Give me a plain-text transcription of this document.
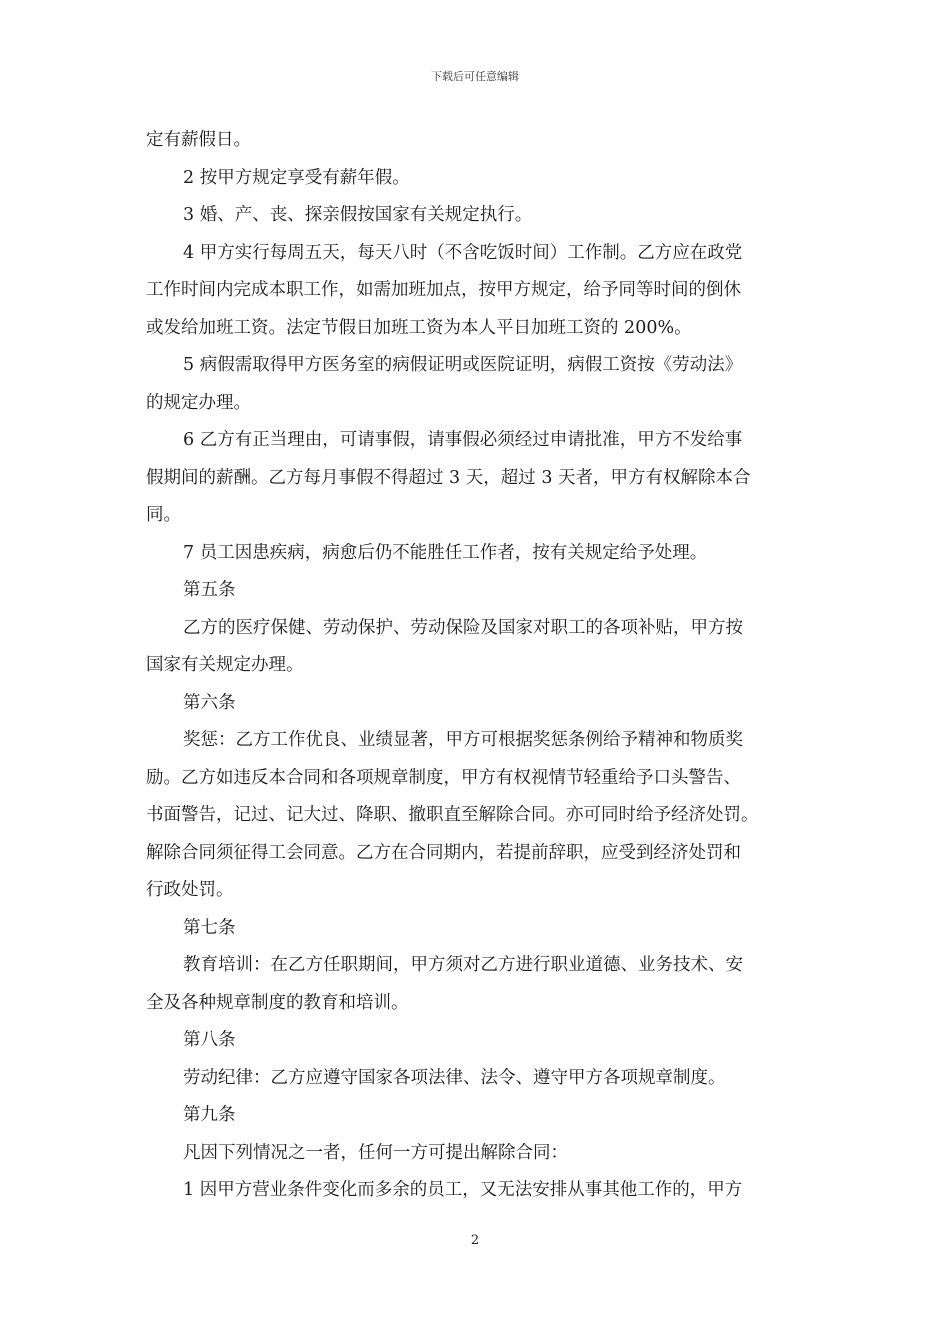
下载后可任意编辑
定有薪假日。
2 按甲方规定享受有薪年假。
3 婚、产、丧、探亲假按国家有关规定执行。
4 甲方实行每周五天，每天八时（不含吃饭时间）工作制。乙方应在政党
工作时间内完成本职工作，如需加班加点，按甲方规定，给予同等时间的倒休
或发给加班工资。法定节假日加班工资为本人平日加班工资的 200%。
5 病假需取得甲方医务室的病假证明或医院证明，病假工资按《劳动法》
的规定办理。
6 乙方有正当理由，可请事假，请事假必须经过申请批准，甲方不发给事
假期间的薪酬。乙方每月事假不得超过 3 天，超过 3 天者，甲方有权解除本合
同。
7 员工因患疾病，病愈后仍不能胜任工作者，按有关规定给予处理。
第五条
乙方的医疗保健、劳动保护、劳动保险及国家对职工的各项补贴，甲方按
国家有关规定办理。
第六条
奖惩：乙方工作优良、业绩显著，甲方可根据奖惩条例给予精神和物质奖
励。乙方如违反本合同和各项规章制度，甲方有权视情节轻重给予口头警告、
书面警告，记过、记大过、降职、撤职直至解除合同。亦可同时给予经济处罚。
解除合同须征得工会同意。乙方在合同期内，若提前辞职，应受到经济处罚和
行政处罚。
第七条
教育培训：在乙方任职期间，甲方须对乙方进行职业道德、业务技术、安
全及各种规章制度的教育和培训。
第八条
劳动纪律：乙方应遵守国家各项法律、法令、遵守甲方各项规章制度。
第九条
凡因下列情况之一者，任何一方可提出解除合同：
1 因甲方营业条件变化而多余的员工，又无法安排从事其他工作的，甲方
2
